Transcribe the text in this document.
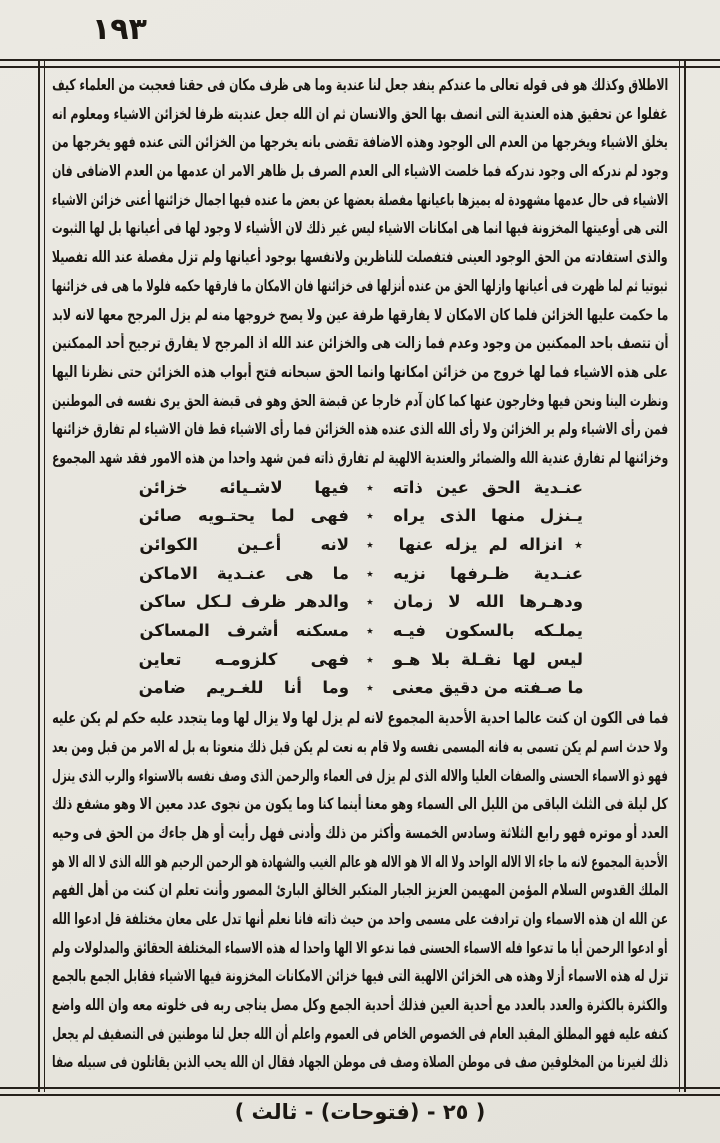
١٩٣
الاطلاق وكذلك هو فى قوله تعالى ما عندكم ينفد جعل لنا عندية وما هى ظرف مكان فى حقنا فعجبت من العلماء كيف
غفلوا عن تحقيق هذه العندية التى انصف بها الحق والانسان ثم ان الله جعل عنديته ظرفا لخزائن الاشياء ومعلوم انه
يخلق الاشياء ويخرجها من العدم الى الوجود وهذه الاضافة تقضى بانه يخرجها من الخزائن التى عنده فهو يخرجها من
وجود لم ندركه الى وجود ندركه فما خلصت الاشياء الى العدم الصرف بل ظاهر الامر ان عدمها من العدم الاضافى فان
الاشياء فى حال عدمها مشهودة له يميزها باعيانها مفصلة بعضها عن بعض ما عنده فيها اجمال خزائنها أعنى خزائن الاشياء
التى هى أوعيتها المخزونة فيها انما هى امكانات الاشياء ليس غير ذلك لان الأشياء لا وجود لها فى أعيانها بل لها الثبوت
والذى استفادته من الحق الوجود العينى فتفصلت للناظرين ولانفسها بوجود أعيانها ولم تزل مفصلة عند الله تفصيلا
ثبوتيا ثم لما ظهرت فى أعيانها وازلها الحق من عنده أنزلها فى خزائنها فان الامكان ما فارقها حكمه فلولا ما هى فى خزائنها
ما حكمت عليها الخزائن فلما كان الامكان لا يفارقها طرفة عين ولا يصح خروجها منه لم يزل المرجح معها لانه لابد
أن تتصف باحد الممكنين من وجود وعدم فما زالت هى والخزائن عند الله اذ المرجح لا يفارق ترجيح أحد الممكنين
على هذه الاشياء فما لها خروج من خزائن امكانها وانما الحق سبحانه فتح أبواب هذه الخزائن حتى نظرنا اليها
ونظرت الينا ونحن فيها وخارجون عنها كما كان آدم خارجا عن قبضة الحق وهو فى قبضة الحق يرى نفسه فى الموطنين
فمن رأى الاشياء ولم ير الخزائن ولا رأى الله الذى عنده هذه الخزائن فما رأى الاشياء قط فان الاشياء لم تفارق خزائنها
وخزائنها لم تفارق عندية الله والضمائر والعندية الالهية لم تفارق ذاته فمن شهد واحدا من هذه الامور فقد شهد المجموع
عنـدية الحق عين ذاته
٭
فيها لاشـيائه خزائن
يـنزل منها الذى يراه
٭
فهى لما يحتـويه صائن
٭ انزاله لم يزله عنها
٭
لانه أعـين الكوائن
عنـدية ظـرفها نزيه
٭
ما هى عنـدية الاماكن
ودهـرها الله لا زمان
٭
والدهر ظرف لـكل ساكن
يملـكه بالسكون فيـه
٭
مسكنه أشرف المساكن
ليس لها نقـلة بلا هـو
٭
فهى كلزومـه تعاين
ما صـفته من دقيق معنى
٭
وما أنا للغـريم ضامن
فما فى الكون ان كنت عالما احدية الأحدية المجموع لانه لم يزل لها ولا يزال لها وما يتجدد عليه حكم لم يكن عليه
ولا حدث اسم لم يكن تسمى به فانه المسمى نفسه ولا قام به نعت لم يكن قبل ذلك منعوتا به بل له الامر من قبل ومن بعد
فهو ذو الاسماء الحسنى والصفات العليا والاله الذى لم يزل فى العماء والرحمن الذى وصف نفسه بالاستواء والرب الذى ينزل
كل ليلة فى الثلث الباقى من الليل الى السماء وهو معنا أينما كنا وما يكون من نجوى عدد معين الا وهو مشفع ذلك
العدد أو موتره فهو رابع الثلاثة وسادس الخمسة وأكثر من ذلك وأدنى فهل رأيت أو هل جاءك من الحق فى وحيه
الأحدية المجموع لانه ما جاء الا الاله الواحد ولا اله الا هو الاله هو عالم الغيب والشهادة هو الرحمن الرحيم هو الله الذى لا اله الا هو
الملك القدوس السلام المؤمن المهيمن العزيز الجبار المتكبر الخالق البارئ المصور وأنت تعلم ان كنت من أهل الفهم
عن الله ان هذه الاسماء وان ترادفت على مسمى واحد من حيث ذاته فانا نعلم أنها تدل على معان مختلفة قل ادعوا الله
أو ادعوا الرحمن أيا ما تدعوا فله الاسماء الحسنى فما ندعو الا الها واحدا له هذه الاسماء المختلفة الحقائق والمدلولات ولم
تزل له هذه الاسماء أزلا وهذه هى الخزائن الالهية التى فيها خزائن الامكانات المخزونة فيها الاشياء فقابل الجمع بالجمع
والكثرة بالكثرة والعدد بالعدد مع أحدية العين فذلك أحدية الجمع وكل مصل يناجى ربه فى خلوته معه وان الله واضع
كنفه عليه فهو المطلق المقيد العام فى الخصوص الخاص فى العموم واعلم أن الله جعل لنا موطنين فى التصفيف لم يجعل
ذلك لغيرنا من المخلوقين صف فى موطن الصلاة وصف فى موطن الجهاد فقال ان الله يحب الذين يقاتلون فى سبيله صفا
( ٢٥ - (فتوحات) - ثالث )
